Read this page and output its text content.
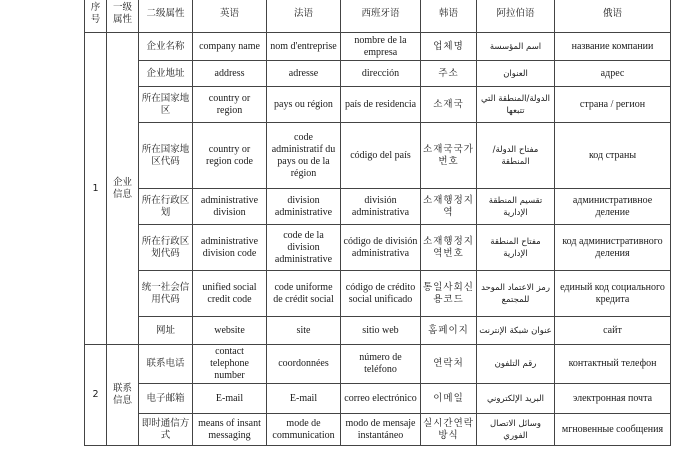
序号	一级属性	二级属性	英语	法语	西班牙语	韩语	阿拉伯语	俄语
1	企业信息	企业名称	company name	nom d'entreprise	nombre de la empresa	업체명	اسم المؤسسة	название компании
		企业地址	address	adresse	dirección	주소	العنوان	адрес
		所在国家地区	country or region	pays ou région	país de residencia	소재국	الدولة/المنطقة التي تتبعها	страна / регион
		所在国家地区代码	country or region code	code administratif du pays ou de la région	código del país	소재국국가번호	مفتاح الدولة/المنطقة	код страны
		所在行政区划	administrative division	division administrative	división administrativa	소재행정지역	تقسيم المنطقة الإدارية	административное деление
		所在行政区划代码	administrative division code	code de la division administrative	código de división administrativa	소재행정지역번호	مفتاح المنطقة الإدارية	код административного деления
		统一社会信用代码	unified social credit code	code uniforme de crédit social	código de crédito social unificado	통일사회신용코드	رمز الاعتماد الموحد للمجتمع	единый код социального кредита
		网址	website	site	sitio web	홈페이지	عنوان شبكة الإنترنت	сайт
2	联系信息	联系电话	contact telephone number	coordonnées	número de teléfono	연락처	رقم التلفون	контактный телефон
		电子邮箱	E-mail	E-mail	correo electrónico	이메일	البريد الإلكتروني	электронная почта
		即时通信方式	means of insant messaging	mode de communication	modo de mensaje instantáneo	실시간연락방식	وسائل الاتصال الفوري	мгновенные сообщения
